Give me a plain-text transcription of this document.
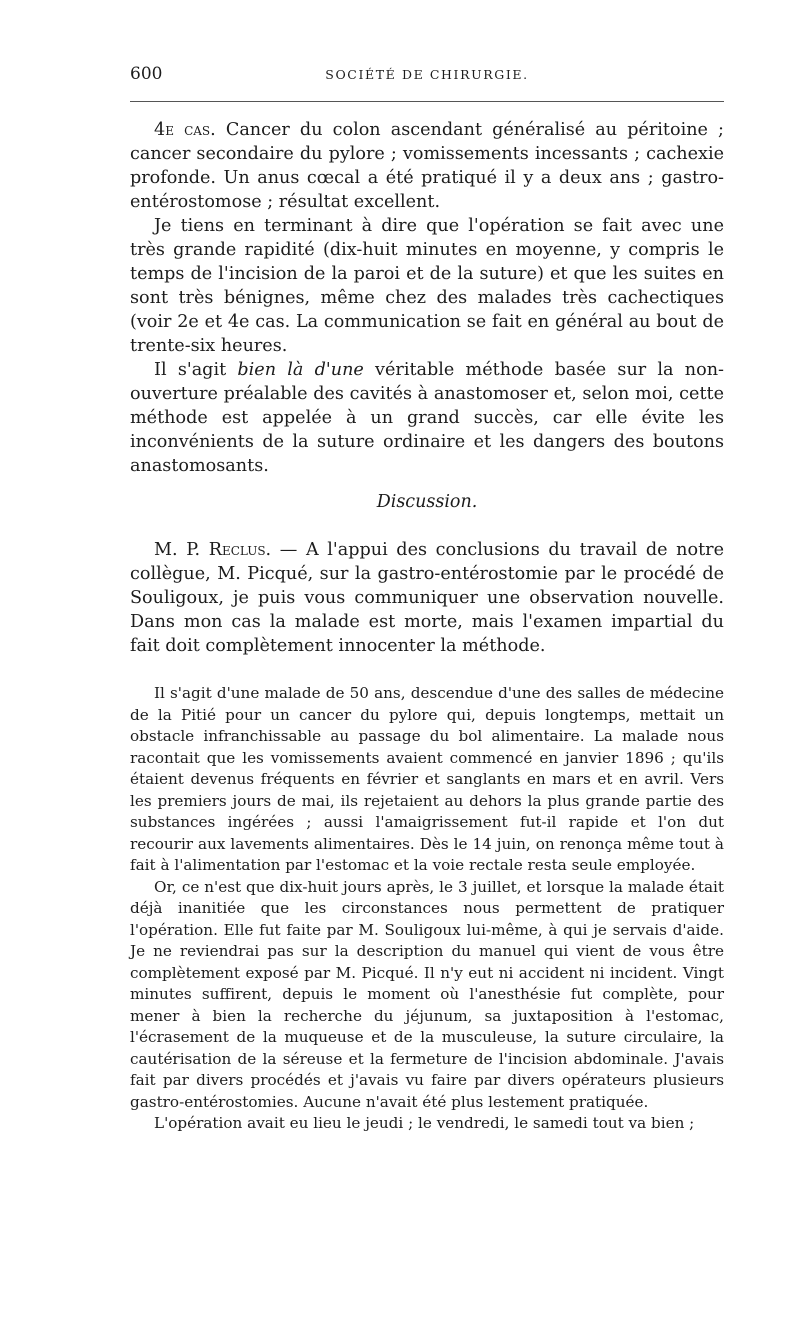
600	SOCIÉTÉ DE CHIRURGIE.

4e cas. Cancer du colon ascendant généralisé au péritoine ; cancer secondaire du pylore ; vomissements incessants ; cachexie profonde. Un anus cœcal a été pratiqué il y a deux ans ; gastro-entérostomose ; résultat excellent.

Je tiens en terminant à dire que l'opération se fait avec une très grande rapidité (dix-huit minutes en moyenne, y compris le temps de l'incision de la paroi et de la suture) et que les suites en sont très bénignes, même chez des malades très cachectiques (voir 2e et 4e cas. La communication se fait en général au bout de trente-six heures.

Il s'agit bien là d'une véritable méthode basée sur la non-ouverture préalable des cavités à anastomoser et, selon moi, cette méthode est appelée à un grand succès, car elle évite les inconvénients de la suture ordinaire et les dangers des boutons anastomosants.

Discussion.

M. P. Reclus. — A l'appui des conclusions du travail de notre collègue, M. Picqué, sur la gastro-entérostomie par le procédé de Souligoux, je puis vous communiquer une observation nouvelle. Dans mon cas la malade est morte, mais l'examen impartial du fait doit complètement innocenter la méthode.

Il s'agit d'une malade de 50 ans, descendue d'une des salles de médecine de la Pitié pour un cancer du pylore qui, depuis longtemps, mettait un obstacle infranchissable au passage du bol alimentaire. La malade nous racontait que les vomissements avaient commencé en janvier 1896 ; qu'ils étaient devenus fréquents en février et sanglants en mars et en avril. Vers les premiers jours de mai, ils rejetaient au dehors la plus grande partie des substances ingérées ; aussi l'amaigrissement fut-il rapide et l'on dut recourir aux lavements alimentaires. Dès le 14 juin, on renonça même tout à fait à l'alimentation par l'estomac et la voie rectale resta seule employée.

Or, ce n'est que dix-huit jours après, le 3 juillet, et lorsque la malade était déjà inanitiée que les circonstances nous permettent de pratiquer l'opération. Elle fut faite par M. Souligoux lui-même, à qui je servais d'aide. Je ne reviendrai pas sur la description du manuel qui vient de vous être complètement exposé par M. Picqué. Il n'y eut ni accident ni incident. Vingt minutes suffirent, depuis le moment où l'anesthésie fut complète, pour mener à bien la recherche du jéjunum, sa juxtaposition à l'estomac, l'écrasement de la muqueuse et de la musculeuse, la suture circulaire, la cautérisation de la séreuse et la fermeture de l'incision abdominale. J'avais fait par divers procédés et j'avais vu faire par divers opérateurs plusieurs gastro-entérostomies. Aucune n'avait été plus lestement pratiquée.

L'opération avait eu lieu le jeudi ; le vendredi, le samedi tout va bien ;
